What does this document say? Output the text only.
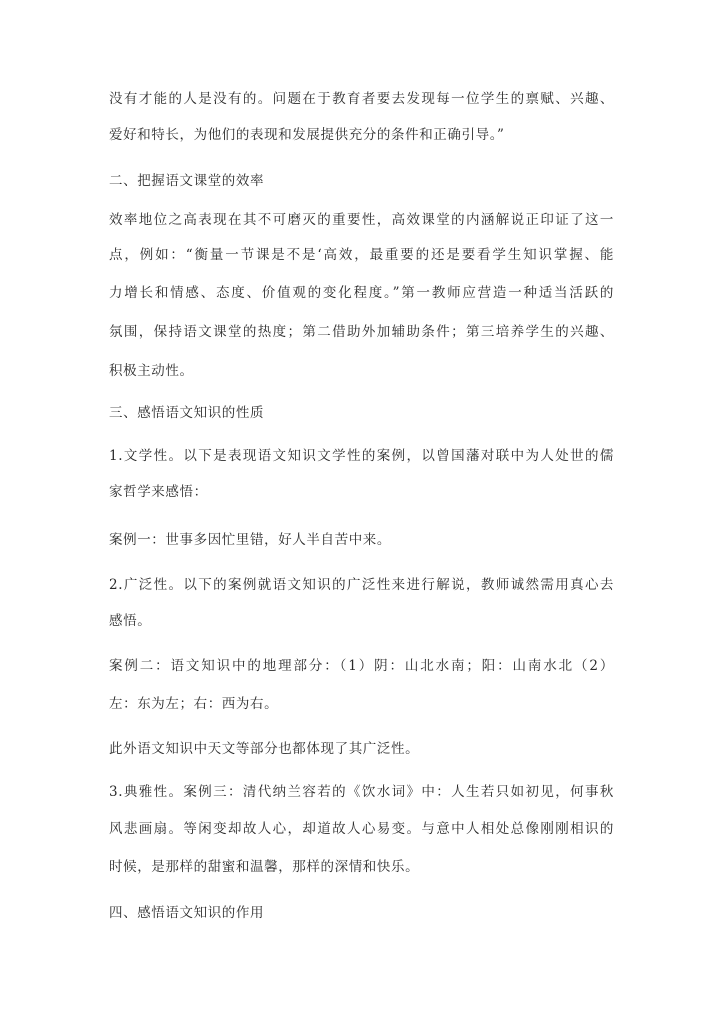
没有才能的人是没有的。问题在于教育者要去发现每一位学生的禀赋、兴趣、
爱好和特长，为他们的表现和发展提供充分的条件和正确引导。”
二、把握语文课堂的效率
效率地位之高表现在其不可磨灭的重要性，高效课堂的内涵解说正印证了这一
点，例如：“衡量一节课是不是‘高效，最重要的还是要看学生知识掌握、能
力增长和情感、态度、价值观的变化程度。”第一教师应营造一种适当活跃的
氛围，保持语文课堂的热度；第二借助外加辅助条件；第三培养学生的兴趣、
积极主动性。
三、感悟语文知识的性质
1.文学性。以下是表现语文知识文学性的案例，以曾国藩对联中为人处世的儒
家哲学来感悟：
案例一：世事多因忙里错，好人半自苦中来。
2.广泛性。以下的案例就语文知识的广泛性来进行解说，教师诚然需用真心去
感悟。
案例二：语文知识中的地理部分：（1）阴：山北水南；阳：山南水北（2）
左：东为左；右：西为右。
此外语文知识中天文等部分也都体现了其广泛性。
3.典雅性。案例三：清代纳兰容若的《饮水词》中：人生若只如初见，何事秋
风悲画扇。等闲变却故人心，却道故人心易变。与意中人相处总像刚刚相识的
时候，是那样的甜蜜和温馨，那样的深情和快乐。
四、感悟语文知识的作用
